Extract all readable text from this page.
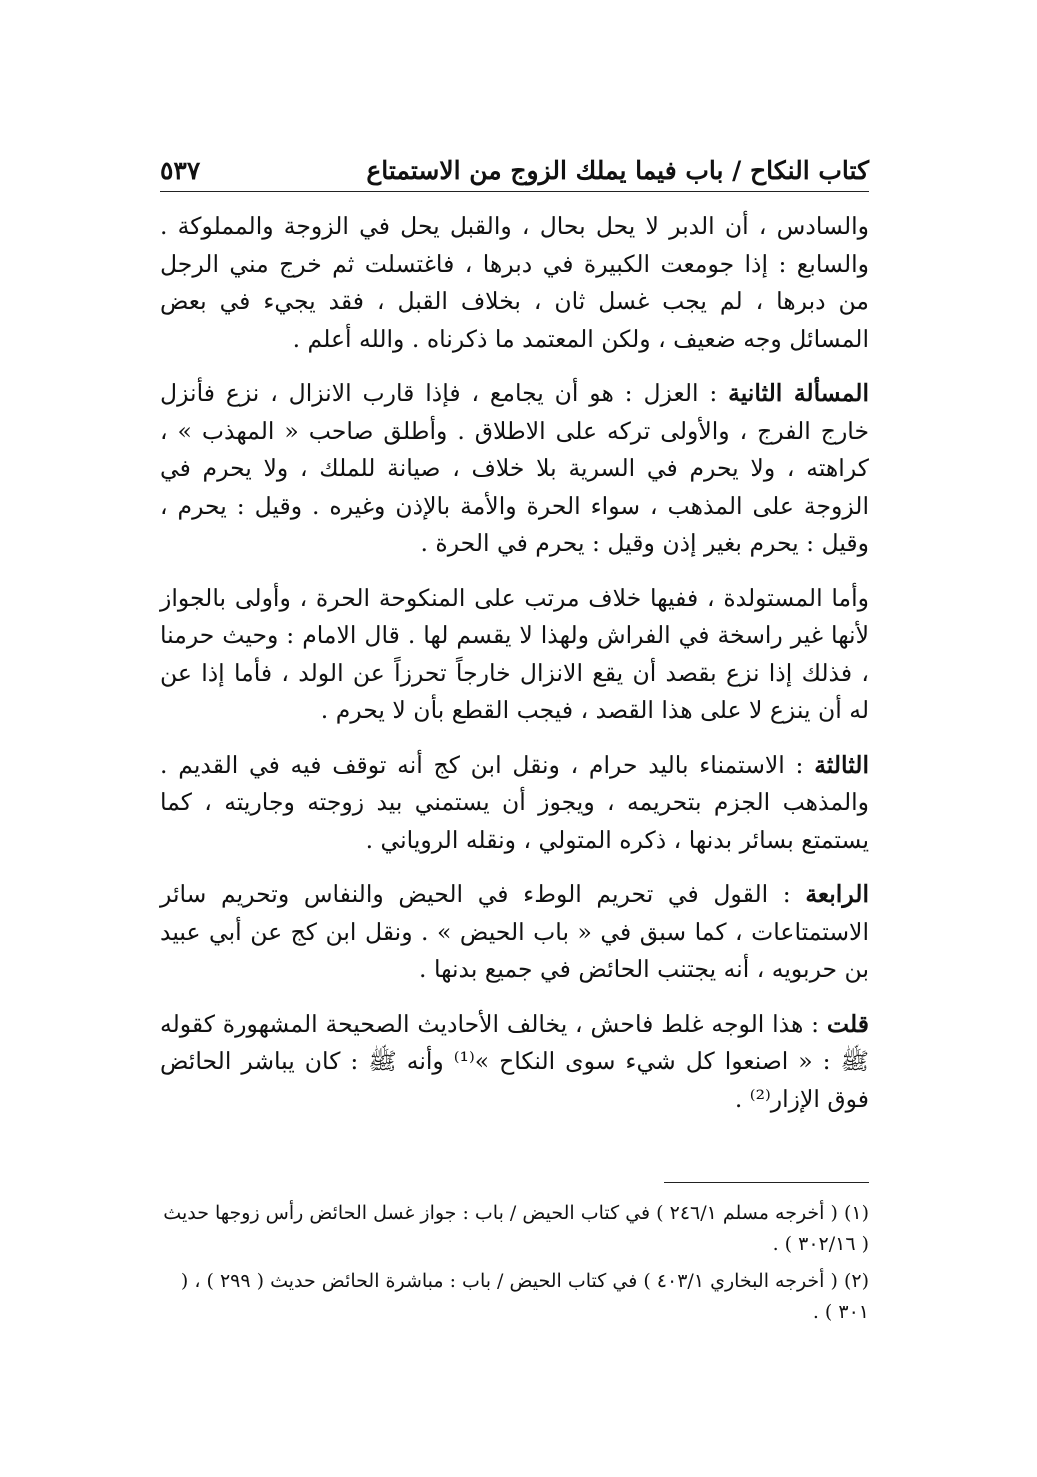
كتاب النكاح / باب فيما يملك الزوج من الاستمتاع
٥٣٧

والسادس ، أن الدبر لا يحل بحال ، والقبل يحل في الزوجة والمملوكة . والسابع : إذا جومعت الكبيرة في دبرها ، فاغتسلت ثم خرج مني الرجل من دبرها ، لم يجب غسل ثان ، بخلاف القبل ، فقد يجيء في بعض المسائل وجه ضعيف ، ولكن المعتمد ما ذكرناه . والله أعلم .

المسألة الثانية : العزل : هو أن يجامع ، فإذا قارب الانزال ، نزع فأنزل خارج الفرج ، والأولى تركه على الاطلاق . وأطلق صاحب « المهذب » ، كراهته ، ولا يحرم في السرية بلا خلاف ، صيانة للملك ، ولا يحرم في الزوجة على المذهب ، سواء الحرة والأمة بالإذن وغيره . وقيل : يحرم ، وقيل : يحرم بغير إذن وقيل : يحرم في الحرة .

وأما المستولدة ، ففيها خلاف مرتب على المنكوحة الحرة ، وأولى بالجواز لأنها غير راسخة في الفراش ولهذا لا يقسم لها . قال الامام : وحيث حرمنا ، فذلك إذا نزع بقصد أن يقع الانزال خارجاً تحرزاً عن الولد ، فأما إذا عن له أن ينزع لا على هذا القصد ، فيجب القطع بأن لا يحرم .

الثالثة : الاستمناء باليد حرام ، ونقل ابن كج أنه توقف فيه في القديم . والمذهب الجزم بتحريمه ، ويجوز أن يستمني بيد زوجته وجاريته ، كما يستمتع بسائر بدنها ، ذكره المتولي ، ونقله الروياني .

الرابعة : القول في تحريم الوطء في الحيض والنفاس وتحريم سائر الاستمتاعات ، كما سبق في « باب الحيض » . ونقل ابن كج عن أبي عبيد بن حربويه ، أنه يجتنب الحائض في جميع بدنها .

قلت : هذا الوجه غلط فاحش ، يخالف الأحاديث الصحيحة المشهورة كقوله ﷺ : « اصنعوا كل شيء سوى النكاح »⁽¹⁾ وأنه ﷺ : كان يباشر الحائض فوق الإزار⁽²⁾ .

(١) ( أخرجه مسلم ٢٤٦/١ ) في كتاب الحيض / باب : جواز غسل الحائض رأس زوجها حديث ( ٣٠٢/١٦ ) .

(٢) ( أخرجه البخاري ٤٠٣/١ ) في كتاب الحيض / باب : مباشرة الحائض حديث ( ٢٩٩ ) ، ( ٣٠١ ) .
